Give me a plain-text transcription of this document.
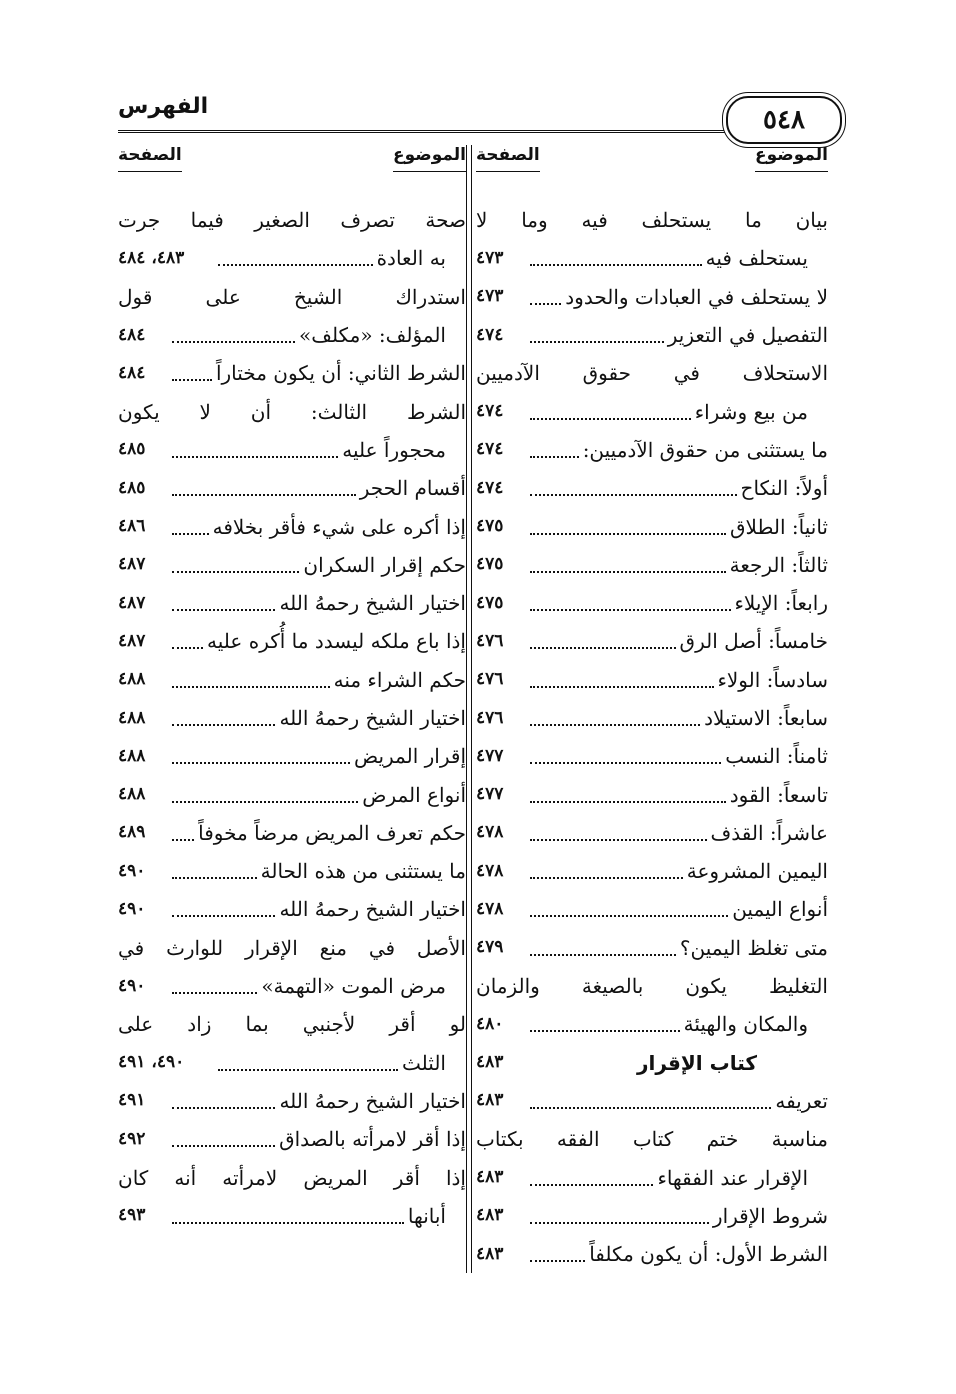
الفهرس	٥٤٨
الموضوع
الصفحة
بيان ما يستحلف فيه وما لا
يستحلف فيه
٤٧٣
لا يستحلف في العبادات والحدود
٤٧٣
التفصيل في التعزير
٤٧٤
الاستحلاف في حقوق الآدميين
من بيع وشراء
٤٧٤
ما يستثنى من حقوق الآدميين:
٤٧٤
أولاً: النكاح
٤٧٤
ثانياً: الطلاق
٤٧٥
ثالثاً: الرجعة
٤٧٥
رابعاً: الإيلاء
٤٧٥
خامساً: أصل الرق
٤٧٦
سادساً: الولاء
٤٧٦
سابعاً: الاستيلاد
٤٧٦
ثامناً: النسب
٤٧٧
تاسعاً: القود
٤٧٧
عاشراً: القذف
٤٧٨
اليمين المشروعة
٤٧٨
أنواع اليمين
٤٧٨
متى تغلظ اليمين؟
٤٧٩
التغليظ يكون بالصيغة والزمان
والمكان والهيئة
٤٨٠
كتاب الإقرار
٤٨٣
تعريفه
٤٨٣
مناسبة ختم كتاب الفقه بكتاب
الإقرار عند الفقهاء
٤٨٣
شروط الإقرار
٤٨٣
الشرط الأول: أن يكون مكلفاً
٤٨٣
الموضوع
الصفحة
صحة تصرف الصغير فيما جرت
به العادة
٤٨٣، ٤٨٤
استدراك الشيخ على قول
المؤلف: «مكلف»
٤٨٤
الشرط الثاني: أن يكون مختاراً
٤٨٤
الشرط الثالث: أن لا يكون
محجوراً عليه
٤٨٥
أقسام الحجر
٤٨٥
إذا أكره على شيء فأقر بخلافه
٤٨٦
حكم إقرار السكران
٤٨٧
اختيار الشيخ رحمهُ الله
٤٨٧
إذا باع ملكه ليسدد ما أُكره عليه
٤٨٧
حكم الشراء منه
٤٨٨
اختيار الشيخ رحمهُ الله
٤٨٨
إقرار المريض
٤٨٨
أنواع المرض
٤٨٨
حكم تعرف المريض مرضاً مخوفاً
٤٨٩
ما يستثنى من هذه الحالة
٤٩٠
اختيار الشيخ رحمهُ الله
٤٩٠
الأصل في منع الإقرار للوارث في
مرض الموت «التهمة»
٤٩٠
لو أقر لأجنبي بما زاد على
الثلث
٤٩٠، ٤٩١
اختيار الشيخ رحمهُ الله
٤٩١
إذا أقر لامرأته بالصداق
٤٩٢
إذا أقر المريض لامرأته أنه كان
أبانها
٤٩٣
